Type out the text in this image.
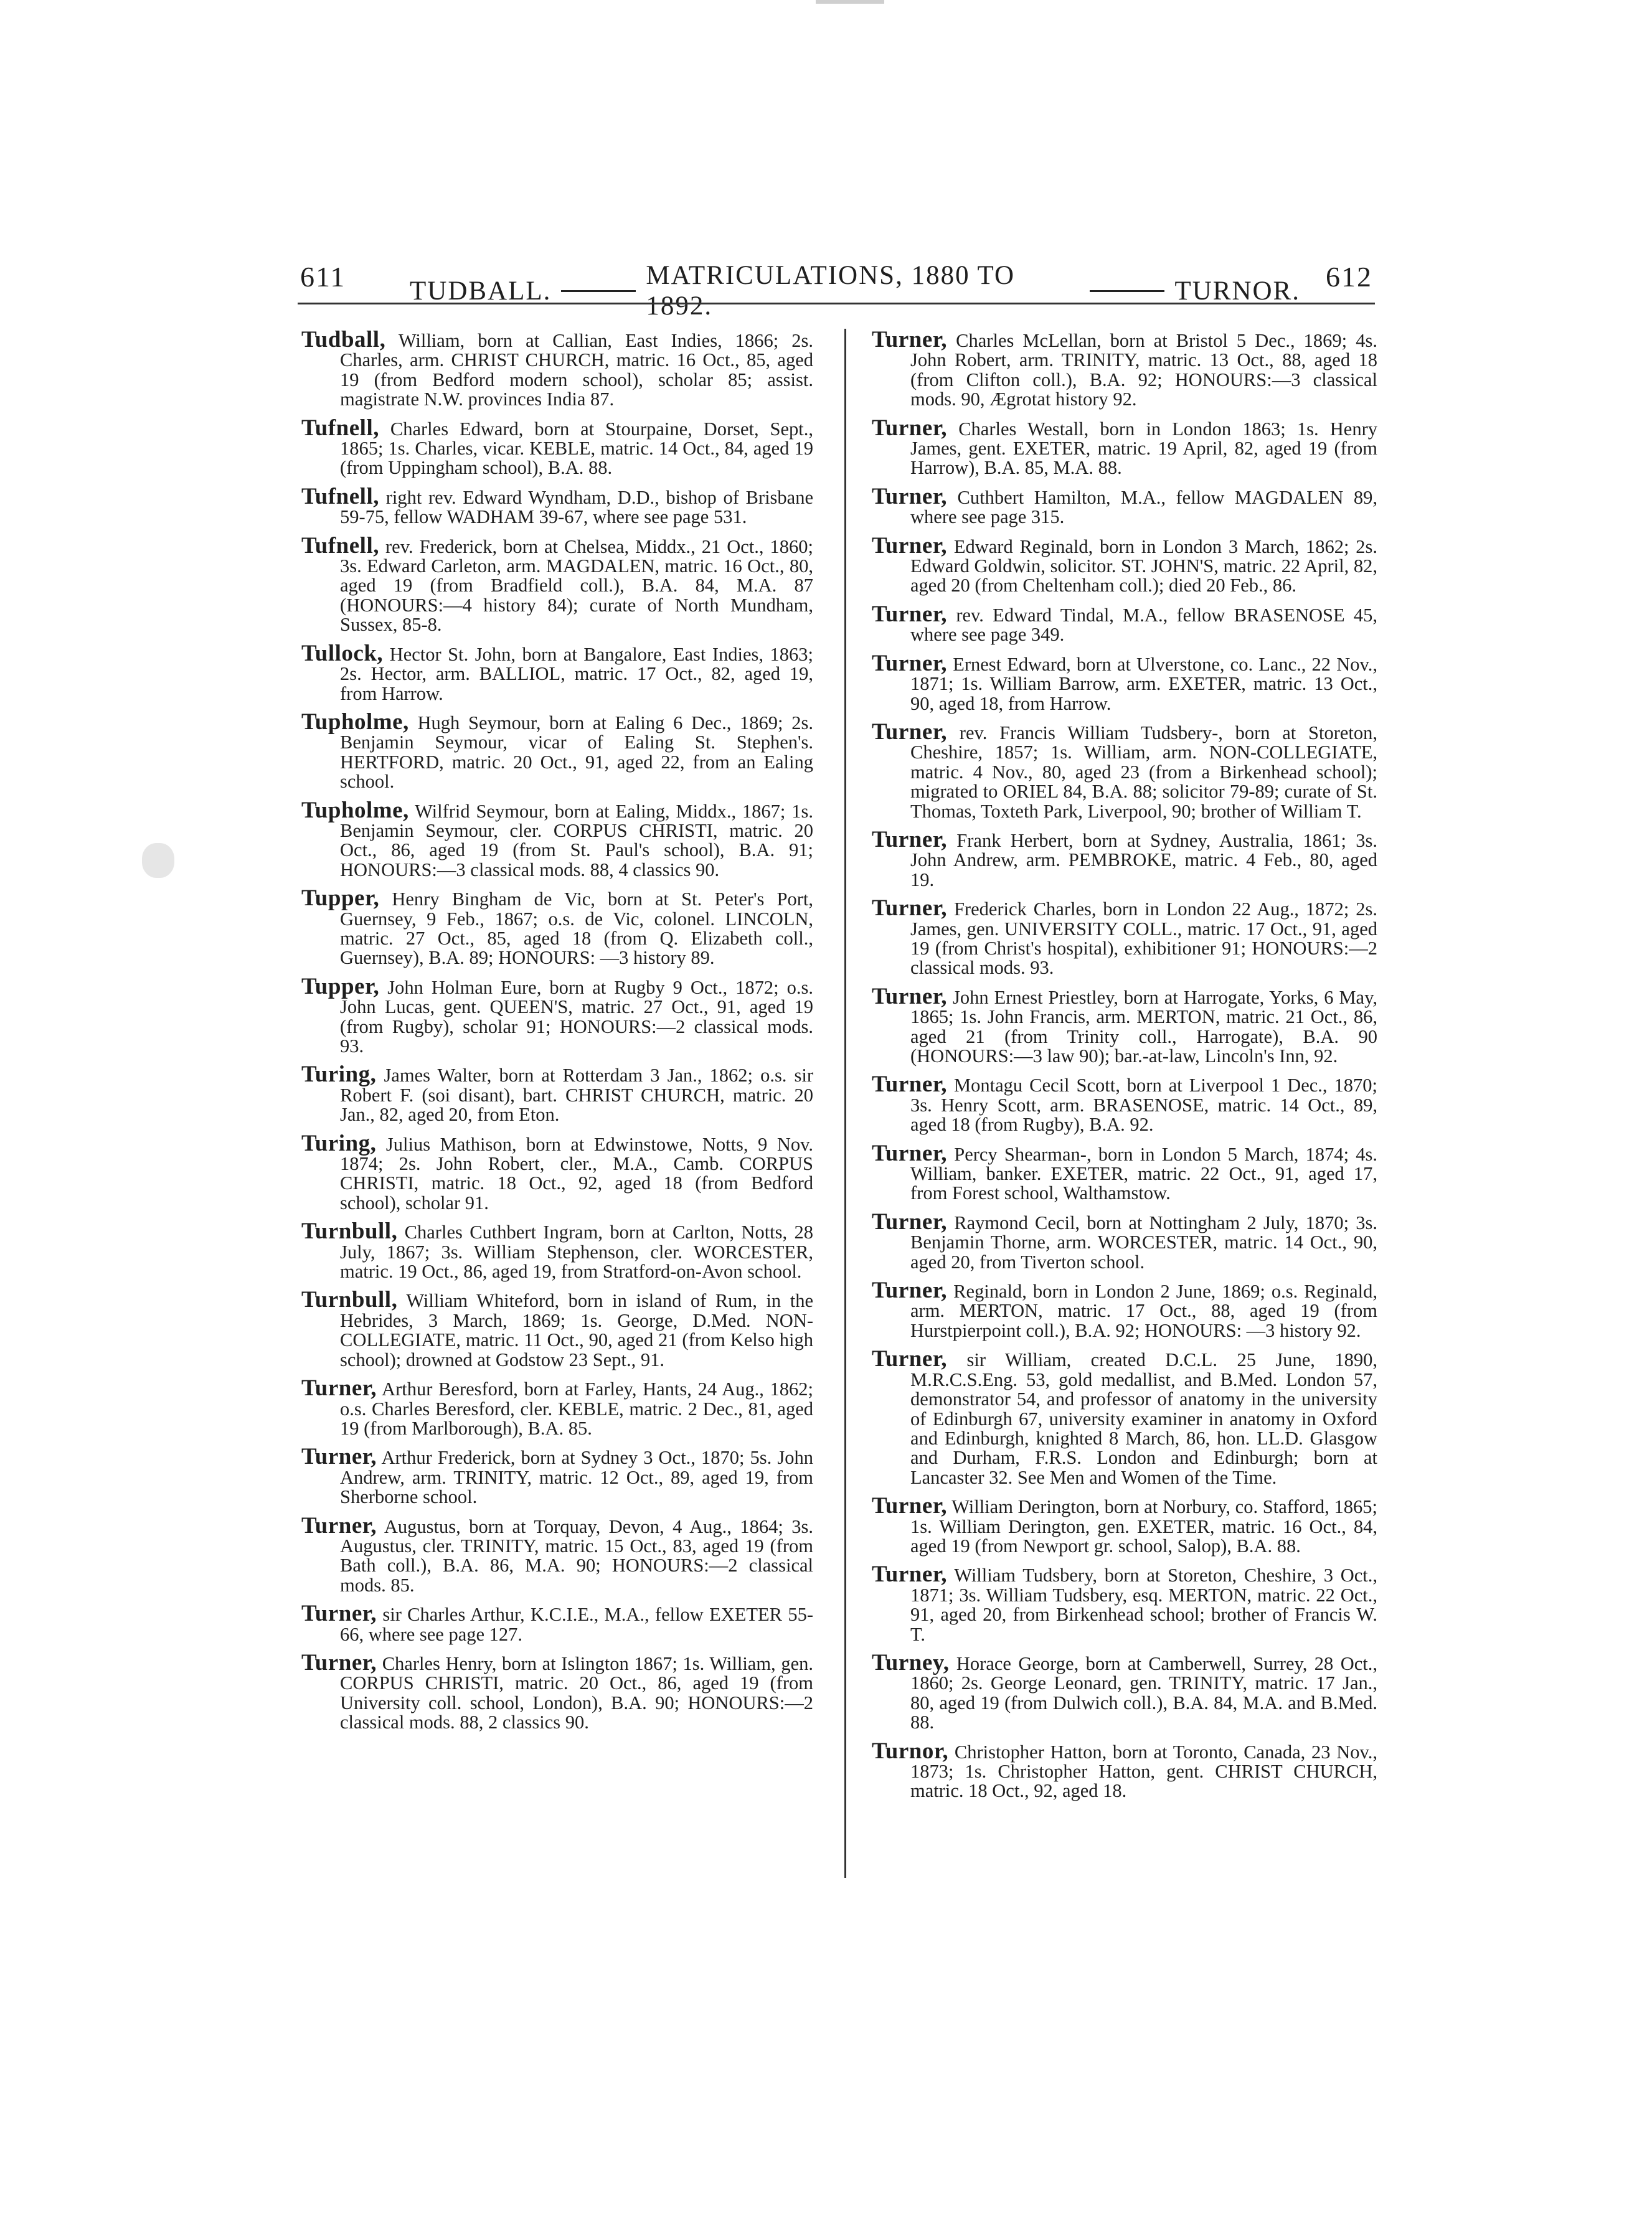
611 TUDBALL.
MATRICULATIONS, 1880 TO 1892.
TURNOR. 612

Tudball, William, born at Callian, East Indies, 1866; 2s. Charles, arm. CHRIST CHURCH, matric. 16 Oct., 85, aged 19 (from Bedford modern school), scholar 85; assist. magistrate N.W. provinces India 87.

Tufnell, Charles Edward, born at Stourpaine, Dorset, Sept., 1865; 1s. Charles, vicar. KEBLE, matric. 14 Oct., 84, aged 19 (from Uppingham school), B.A. 88.

Tufnell, right rev. Edward Wyndham, D.D., bishop of Brisbane 59-75, fellow WADHAM 39-67, where see page 531.

Tufnell, rev. Frederick, born at Chelsea, Middx., 21 Oct., 1860; 3s. Edward Carleton, arm. MAGDALEN, matric. 16 Oct., 80, aged 19 (from Bradfield coll.), B.A. 84, M.A. 87 (HONOURS:—4 history 84); curate of North Mundham, Sussex, 85-8.

Tullock, Hector St. John, born at Bangalore, East Indies, 1863; 2s. Hector, arm. BALLIOL, matric. 17 Oct., 82, aged 19, from Harrow.

Tupholme, Hugh Seymour, born at Ealing 6 Dec., 1869; 2s. Benjamin Seymour, vicar of Ealing St. Stephen's. HERTFORD, matric. 20 Oct., 91, aged 22, from an Ealing school.

Tupholme, Wilfrid Seymour, born at Ealing, Middx., 1867; 1s. Benjamin Seymour, cler. CORPUS CHRISTI, matric. 20 Oct., 86, aged 19 (from St. Paul's school), B.A. 91; HONOURS:—3 classical mods. 88, 4 classics 90.

Tupper, Henry Bingham de Vic, born at St. Peter's Port, Guernsey, 9 Feb., 1867; o.s. de Vic, colonel. LINCOLN, matric. 27 Oct., 85, aged 18 (from Q. Elizabeth coll., Guernsey), B.A. 89; HONOURS: —3 history 89.

Tupper, John Holman Eure, born at Rugby 9 Oct., 1872; o.s. John Lucas, gent. QUEEN'S, matric. 27 Oct., 91, aged 19 (from Rugby), scholar 91; HONOURS:—2 classical mods. 93.

Turing, James Walter, born at Rotterdam 3 Jan., 1862; o.s. sir Robert F. (soi disant), bart. CHRIST CHURCH, matric. 20 Jan., 82, aged 20, from Eton.

Turing, Julius Mathison, born at Edwinstowe, Notts, 9 Nov. 1874; 2s. John Robert, cler., M.A., Camb. CORPUS CHRISTI, matric. 18 Oct., 92, aged 18 (from Bedford school), scholar 91.

Turnbull, Charles Cuthbert Ingram, born at Carlton, Notts, 28 July, 1867; 3s. William Stephenson, cler. WORCESTER, matric. 19 Oct., 86, aged 19, from Stratford-on-Avon school.

Turnbull, William Whiteford, born in island of Rum, in the Hebrides, 3 March, 1869; 1s. George, D.Med. NON-COLLEGIATE, matric. 11 Oct., 90, aged 21 (from Kelso high school); drowned at Godstow 23 Sept., 91.

Turner, Arthur Beresford, born at Farley, Hants, 24 Aug., 1862; o.s. Charles Beresford, cler. KEBLE, matric. 2 Dec., 81, aged 19 (from Marlborough), B.A. 85.

Turner, Arthur Frederick, born at Sydney 3 Oct., 1870; 5s. John Andrew, arm. TRINITY, matric. 12 Oct., 89, aged 19, from Sherborne school.

Turner, Augustus, born at Torquay, Devon, 4 Aug., 1864; 3s. Augustus, cler. TRINITY, matric. 15 Oct., 83, aged 19 (from Bath coll.), B.A. 86, M.A. 90; HONOURS:—2 classical mods. 85.

Turner, sir Charles Arthur, K.C.I.E., M.A., fellow EXETER 55-66, where see page 127.

Turner, Charles Henry, born at Islington 1867; 1s. William, gen. CORPUS CHRISTI, matric. 20 Oct., 86, aged 19 (from University coll. school, London), B.A. 90; HONOURS:—2 classical mods. 88, 2 classics 90.

Turner, Charles McLellan, born at Bristol 5 Dec., 1869; 4s. John Robert, arm. TRINITY, matric. 13 Oct., 88, aged 18 (from Clifton coll.), B.A. 92; HONOURS:—3 classical mods. 90, Ægrotat history 92.

Turner, Charles Westall, born in London 1863; 1s. Henry James, gent. EXETER, matric. 19 April, 82, aged 19 (from Harrow), B.A. 85, M.A. 88.

Turner, Cuthbert Hamilton, M.A., fellow MAGDALEN 89, where see page 315.

Turner, Edward Reginald, born in London 3 March, 1862; 2s. Edward Goldwin, solicitor. ST. JOHN'S, matric. 22 April, 82, aged 20 (from Cheltenham coll.); died 20 Feb., 86.

Turner, rev. Edward Tindal, M.A., fellow BRASENOSE 45, where see page 349.

Turner, Ernest Edward, born at Ulverstone, co. Lanc., 22 Nov., 1871; 1s. William Barrow, arm. EXETER, matric. 13 Oct., 90, aged 18, from Harrow.

Turner, rev. Francis William Tudsbery-, born at Storeton, Cheshire, 1857; 1s. William, arm. NON-COLLEGIATE, matric. 4 Nov., 80, aged 23 (from a Birkenhead school); migrated to ORIEL 84, B.A. 88; solicitor 79-89; curate of St. Thomas, Toxteth Park, Liverpool, 90; brother of William T.

Turner, Frank Herbert, born at Sydney, Australia, 1861; 3s. John Andrew, arm. PEMBROKE, matric. 4 Feb., 80, aged 19.

Turner, Frederick Charles, born in London 22 Aug., 1872; 2s. James, gen. UNIVERSITY COLL., matric. 17 Oct., 91, aged 19 (from Christ's hospital), exhibitioner 91; HONOURS:—2 classical mods. 93.

Turner, John Ernest Priestley, born at Harrogate, Yorks, 6 May, 1865; 1s. John Francis, arm. MERTON, matric. 21 Oct., 86, aged 21 (from Trinity coll., Harrogate), B.A. 90 (HONOURS:—3 law 90); bar.-at-law, Lincoln's Inn, 92.

Turner, Montagu Cecil Scott, born at Liverpool 1 Dec., 1870; 3s. Henry Scott, arm. BRASENOSE, matric. 14 Oct., 89, aged 18 (from Rugby), B.A. 92.

Turner, Percy Shearman-, born in London 5 March, 1874; 4s. William, banker. EXETER, matric. 22 Oct., 91, aged 17, from Forest school, Walthamstow.

Turner, Raymond Cecil, born at Nottingham 2 July, 1870; 3s. Benjamin Thorne, arm. WORCESTER, matric. 14 Oct., 90, aged 20, from Tiverton school.

Turner, Reginald, born in London 2 June, 1869; o.s. Reginald, arm. MERTON, matric. 17 Oct., 88, aged 19 (from Hurstpierpoint coll.), B.A. 92; HONOURS: —3 history 92.

Turner, sir William, created D.C.L. 25 June, 1890, M.R.C.S.Eng. 53, gold medallist, and B.Med. London 57, demonstrator 54, and professor of anatomy in the university of Edinburgh 67, university examiner in anatomy in Oxford and Edinburgh, knighted 8 March, 86, hon. LL.D. Glasgow and Durham, F.R.S. London and Edinburgh; born at Lancaster 32. See Men and Women of the Time.

Turner, William Derington, born at Norbury, co. Stafford, 1865; 1s. William Derington, gen. EXETER, matric. 16 Oct., 84, aged 19 (from Newport gr. school, Salop), B.A. 88.

Turner, William Tudsbery, born at Storeton, Cheshire, 3 Oct., 1871; 3s. William Tudsbery, esq. MERTON, matric. 22 Oct., 91, aged 20, from Birkenhead school; brother of Francis W. T.

Turney, Horace George, born at Camberwell, Surrey, 28 Oct., 1860; 2s. George Leonard, gen. TRINITY, matric. 17 Jan., 80, aged 19 (from Dulwich coll.), B.A. 84, M.A. and B.Med. 88.

Turnor, Christopher Hatton, born at Toronto, Canada, 23 Nov., 1873; 1s. Christopher Hatton, gent. CHRIST CHURCH, matric. 18 Oct., 92, aged 18.
